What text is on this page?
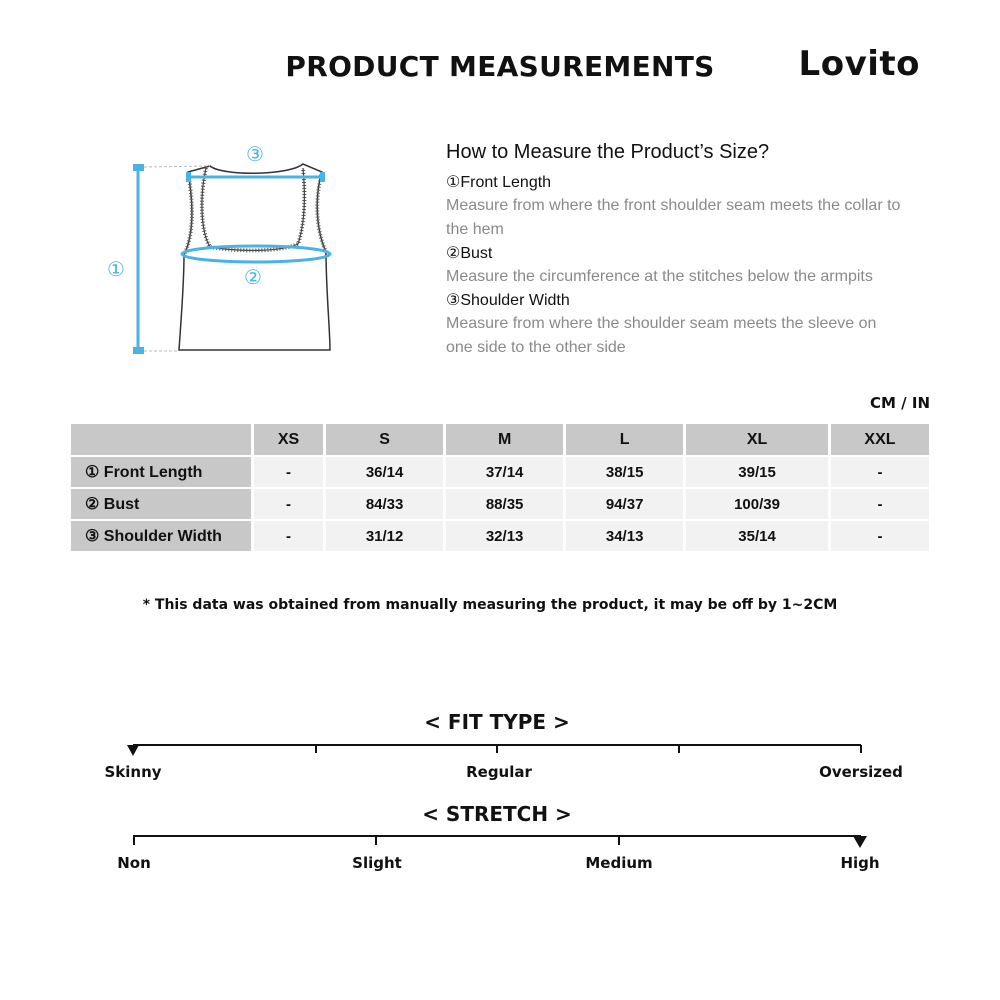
PRODUCT MEASUREMENTS	Lovito
①	②
③	How to Measure the Product’s Size?
①Front Length
Measure from where the front shoulder seam meets the collar to the hem
②Bust
Measure the circumference at the stitches below the armpits
③Shoulder Width
Measure from where the shoulder seam meets the sleeve on one side to the other side
CM / IN
	XS	S	M	L	XL	XXL
① Front Length	-	36/14	37/14	38/15	39/15	-
② Bust	-	84/33	88/35	94/37	100/39	-
③ Shoulder Width	-	31/12	32/13	34/13	35/14	-
* This data was obtained from manually measuring the product, it may be off by 1~2CM
< FIT TYPE >
Skinny	Regular	Oversized
< STRETCH >
Non	Slight	Medium	High
